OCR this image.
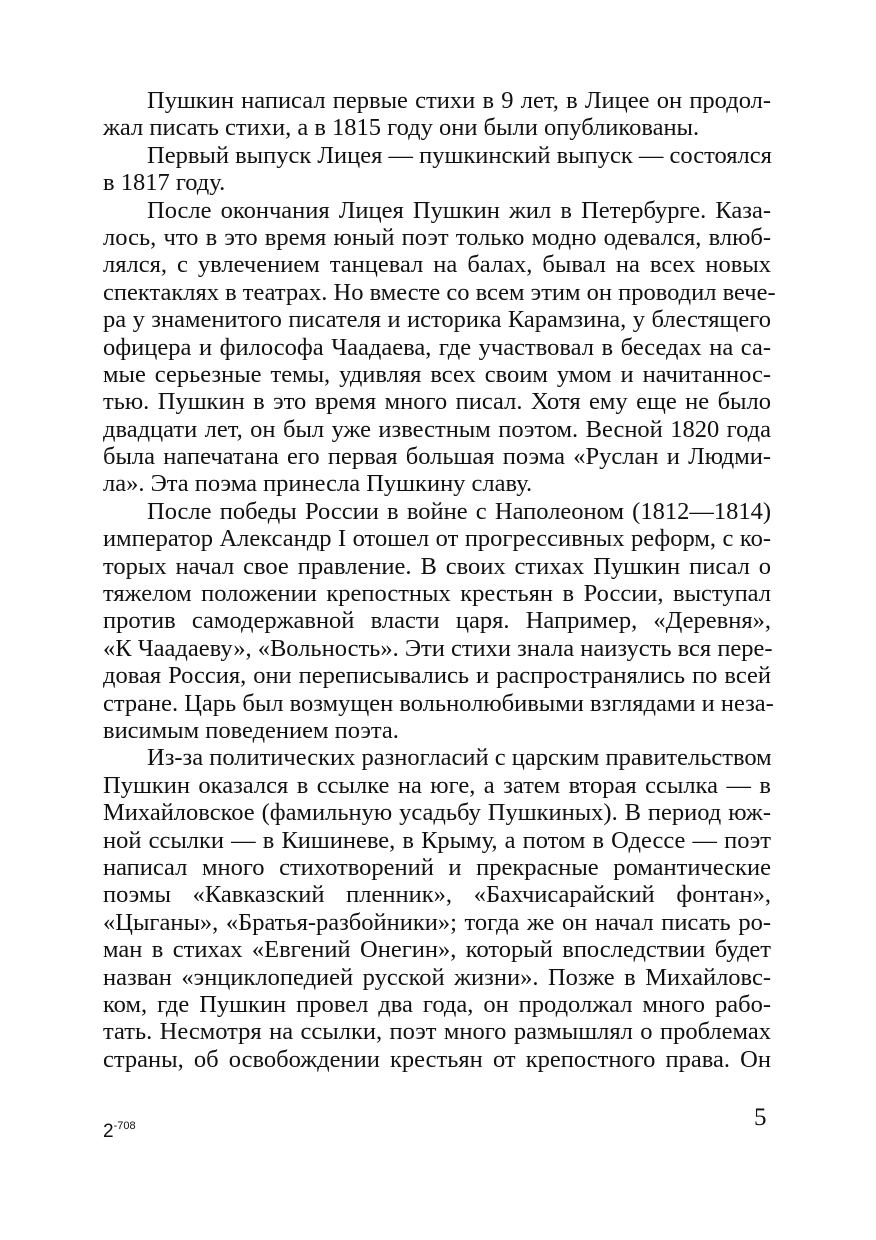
Пушкин написал первые стихи в 9 лет, в Лицее он продол-
жал писать стихи, а в 1815 году они были опубликованы.
Первый выпуск Лицея — пушкинский выпуск — состоялся
в 1817 году.
После окончания Лицея Пушкин жил в Петербурге. Каза-
лось, что в это время юный поэт только модно одевался, влюб-
лялся, с увлечением танцевал на балах, бывал на всех новых
спектаклях в театрах. Но вместе со всем этим он проводил вече-
ра у знаменитого писателя и историка Карамзина, у блестящего
офицера и философа Чаадаева, где участвовал в беседах на са-
мые серьезные темы, удивляя всех своим умом и начитаннос-
тью. Пушкин в это время много писал. Хотя ему еще не было
двадцати лет, он был уже известным поэтом. Весной 1820 года
была напечатана его первая большая поэма «Руслан и Людми-
ла». Эта поэма принесла Пушкину славу.
После победы России в войне с Наполеоном (1812—1814)
император Александр I отошел от прогрессивных реформ, с ко-
торых начал свое правление. В своих стихах Пушкин писал о
тяжелом положении крепостных крестьян в России, выступал
против самодержавной власти царя. Например, «Деревня»,
«К Чаадаеву», «Вольность». Эти стихи знала наизусть вся пере-
довая Россия, они переписывались и распространялись по всей
стране. Царь был возмущен вольнолюбивыми взглядами и неза-
висимым поведением поэта.
Из-за политических разногласий с царским правительством
Пушкин оказался в ссылке на юге, а затем вторая ссылка — в
Михайловское (фамильную усадьбу Пушкиных). В период юж-
ной ссылки — в Кишиневе, в Крыму, а потом в Одессе — поэт
написал много стихотворений и прекрасные романтические
поэмы «Кавказский пленник», «Бахчисарайский фонтан»,
«Цыганы», «Братья-разбойники»; тогда же он начал писать ро-
ман в стихах «Евгений Онегин», который впоследствии будет
назван «энциклопедией русской жизни». Позже в Михайловс-
ком, где Пушкин провел два года, он продолжал много рабо-
тать. Несмотря на ссылки, поэт много размышлял о проблемах
страны, об освобождении крестьян от крепостного права. Он
5
$2^{-708}$
